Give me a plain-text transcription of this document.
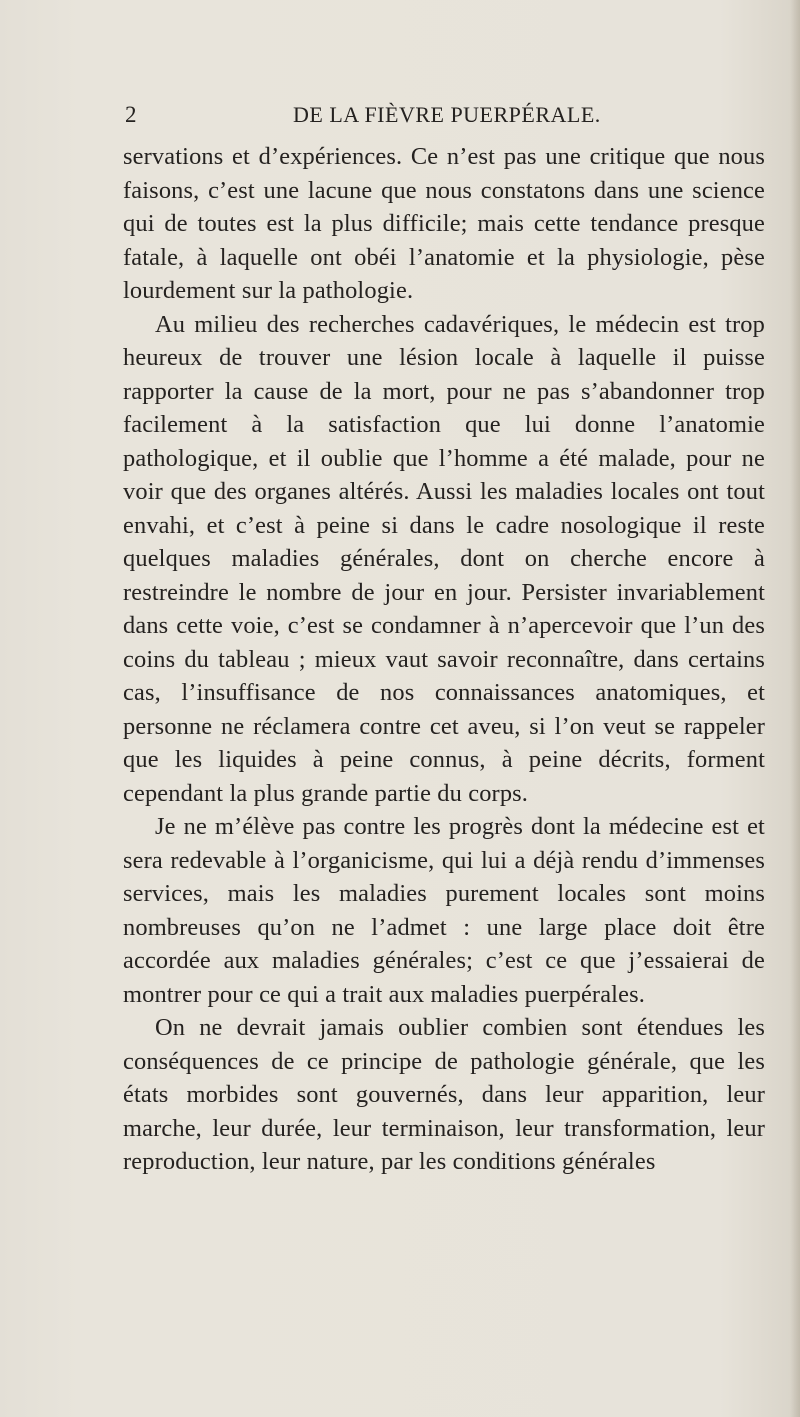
2	DE LA FIÈVRE PUERPÉRALE.

servations et d’expériences. Ce n’est pas une critique que nous faisons, c’est une lacune que nous constatons dans une science qui de toutes est la plus difficile; mais cette tendance presque fatale, à laquelle ont obéi l’anatomie et la physiologie, pèse lourdement sur la pathologie.

Au milieu des recherches cadavériques, le médecin est trop heureux de trouver une lésion locale à laquelle il puisse rapporter la cause de la mort, pour ne pas s’abandonner trop facilement à la satisfaction que lui donne l’anatomie pathologique, et il oublie que l’homme a été malade, pour ne voir que des organes altérés. Aussi les maladies locales ont tout envahi, et c’est à peine si dans le cadre nosologique il reste quelques maladies générales, dont on cherche encore à restreindre le nombre de jour en jour. Persister invariablement dans cette voie, c’est se condamner à n’apercevoir que l’un des coins du tableau ; mieux vaut savoir reconnaître, dans certains cas, l’insuffisance de nos connaissances anatomiques, et personne ne réclamera contre cet aveu, si l’on veut se rappeler que les liquides à peine connus, à peine décrits, forment cependant la plus grande partie du corps.

Je ne m’élève pas contre les progrès dont la médecine est et sera redevable à l’organicisme, qui lui a déjà rendu d’immenses services, mais les maladies purement locales sont moins nombreuses qu’on ne l’admet : une large place doit être accordée aux maladies générales; c’est ce que j’essaierai de montrer pour ce qui a trait aux maladies puerpérales.

On ne devrait jamais oublier combien sont étendues les conséquences de ce principe de pathologie générale, que les états morbides sont gouvernés, dans leur apparition, leur marche, leur durée, leur terminaison, leur transformation, leur reproduction, leur nature, par les conditions générales
